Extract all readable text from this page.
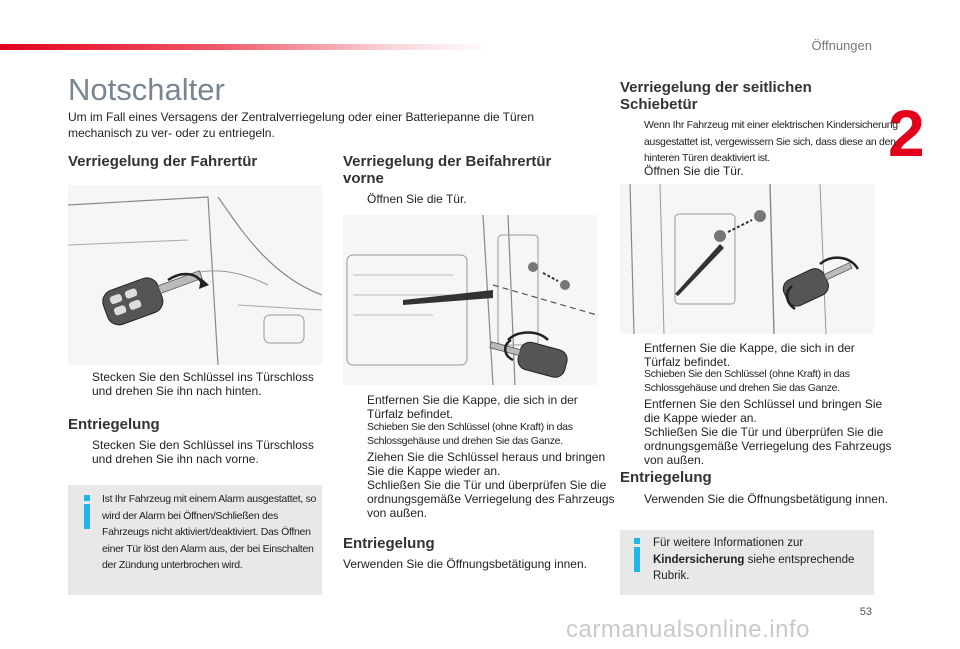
Öffnungen
2
53
Notschalter
Um im Fall eines Versagens der Zentralverriegelung oder einer Batteriepanne die Türen mechanisch zu ver- oder zu entriegeln.
Verriegelung der Fahrertür
Stecken Sie den Schlüssel ins Türschloss und drehen Sie ihn nach hinten.
Entriegelung
Stecken Sie den Schlüssel ins Türschloss und drehen Sie ihn nach vorne.
Ist Ihr Fahrzeug mit einem Alarm ausgestattet, so wird der Alarm bei Öffnen/Schließen des Fahrzeugs nicht aktiviert/deaktiviert. Das Öffnen einer Tür löst den Alarm aus, der bei Einschalten der Zündung unterbrochen wird.
Verriegelung der Beifahrertür vorne
Öffnen Sie die Tür.
Entfernen Sie die Kappe, die sich in der Türfalz befindet.
Schieben Sie den Schlüssel (ohne Kraft) in das Schlossgehäuse und drehen Sie das Ganze.
Ziehen Sie die Schlüssel heraus und bringen Sie die Kappe wieder an.
Schließen Sie die Tür und überprüfen Sie die ordnungsgemäße Verriegelung des Fahrzeugs von außen.
Entriegelung
Verwenden Sie die Öffnungsbetätigung innen.
Verriegelung der seitlichen Schiebetür
Wenn Ihr Fahrzeug mit einer elektrischen Kindersicherung ausgestattet ist, vergewissern Sie sich, dass diese an den hinteren Türen deaktiviert ist.
Öffnen Sie die Tür.
Entfernen Sie die Kappe, die sich in der Türfalz befindet.
Schieben Sie den Schlüssel (ohne Kraft) in das Schlossgehäuse und drehen Sie das Ganze.
Entfernen Sie den Schlüssel und bringen Sie die Kappe wieder an.
Schließen Sie die Tür und überprüfen Sie die ordnungsgemäße Verriegelung des Fahrzeugs von außen.
Entriegelung
Verwenden Sie die Öffnungsbetätigung innen.
Für weitere Informationen zur Kindersicherung siehe entsprechende Rubrik.
carmanualsonline.info
